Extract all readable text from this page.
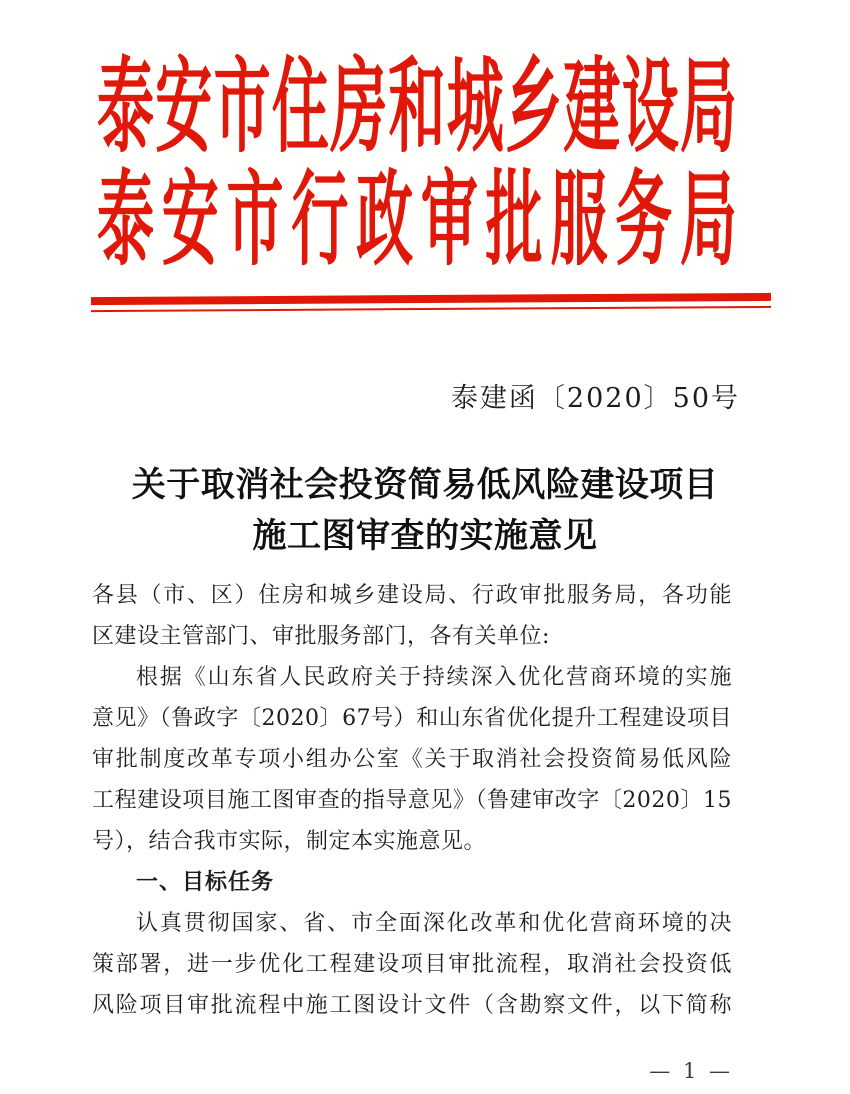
泰安市住房和城乡建设局
泰安市行政审批服务局
泰建函〔2020〕50号
关于取消社会投资简易低风险建设项目
施工图审查的实施意见

各县（市、区）住房和城乡建设局、行政审批服务局，各功能

区建设主管部门、审批服务部门，各有关单位:

根据《山东省人民政府关于持续深入优化营商环境的实施

意见》（鲁政字〔2020〕67号）和山东省优化提升工程建设项目

审批制度改革专项小组办公室《关于取消社会投资简易低风险

工程建设项目施工图审查的指导意见》（鲁建审改字〔2020〕15

号），结合我市实际，制定本实施意见。

一、目标任务

认真贯彻国家、省、市全面深化改革和优化营商环境的决

策部署，进一步优化工程建设项目审批流程，取消社会投资低

风险项目审批流程中施工图设计文件（含勘察文件，以下简称

— 1 —
